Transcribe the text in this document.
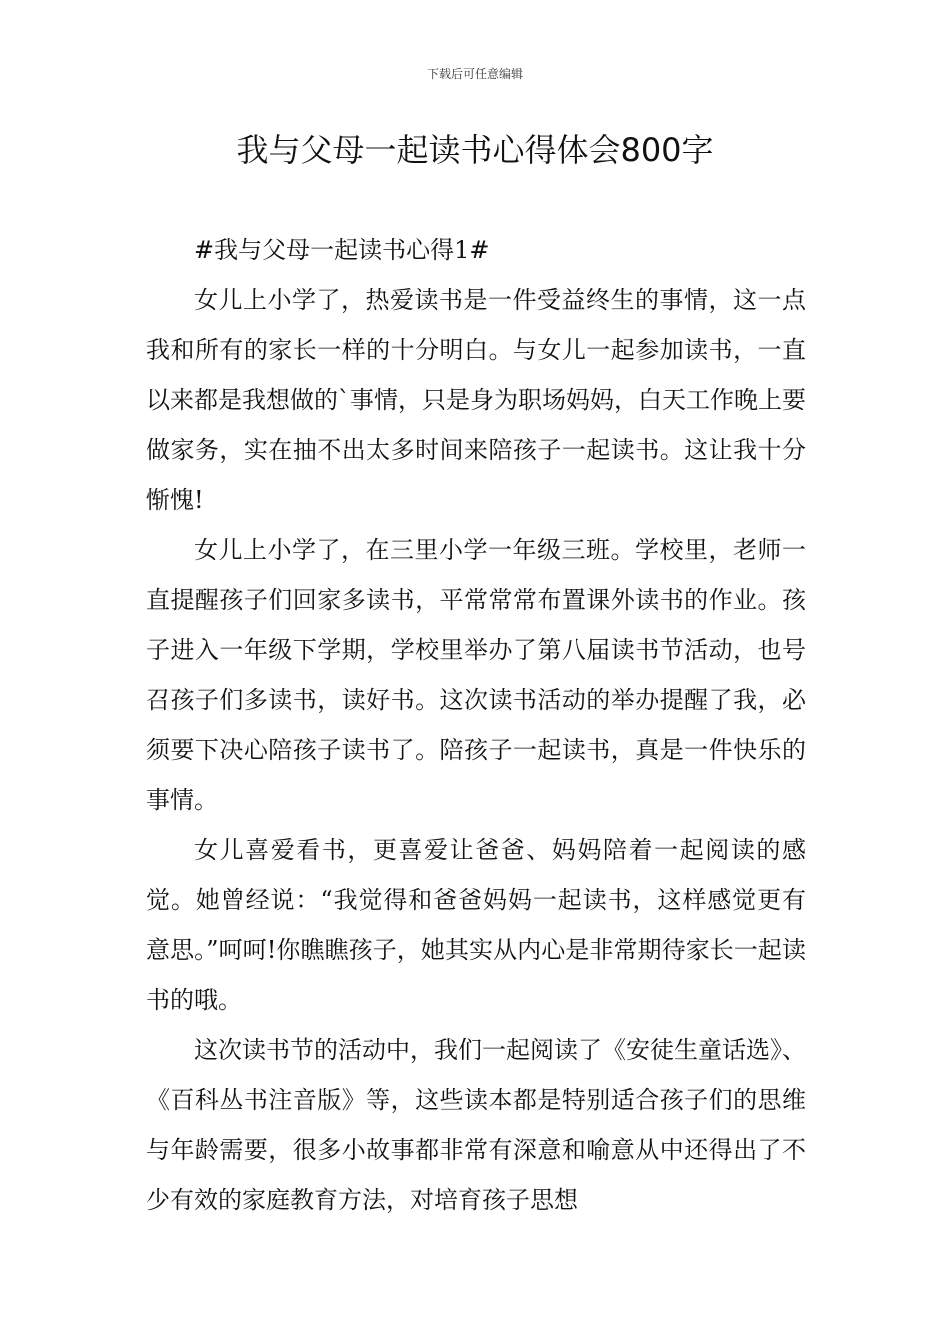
下载后可任意编辑
我与父母一起读书心得体会800字

#我与父母一起读书心得1#

女儿上小学了，热爱读书是一件受益终生的事情，这一点我和所有的家长一样的十分明白。与女儿一起参加读书，一直以来都是我想做的`事情，只是身为职场妈妈，白天工作晚上要做家务，实在抽不出太多时间来陪孩子一起读书。这让我十分惭愧!

女儿上小学了，在三里小学一年级三班。学校里，老师一直提醒孩子们回家多读书，平常常常布置课外读书的作业。孩子进入一年级下学期，学校里举办了第八届读书节活动，也号召孩子们多读书，读好书。这次读书活动的举办提醒了我，必须要下决心陪孩子读书了。陪孩子一起读书，真是一件快乐的事情。

女儿喜爱看书，更喜爱让爸爸、妈妈陪着一起阅读的感觉。她曾经说：“我觉得和爸爸妈妈一起读书，这样感觉更有意思。”呵呵!你瞧瞧孩子，她其实从内心是非常期待家长一起读书的哦。

这次读书节的活动中，我们一起阅读了《安徒生童话选》、《百科丛书注音版》等，这些读本都是特别适合孩子们的思维与年龄需要，很多小故事都非常有深意和喻意从中还得出了不少有效的家庭教育方法，对培育孩子思想
